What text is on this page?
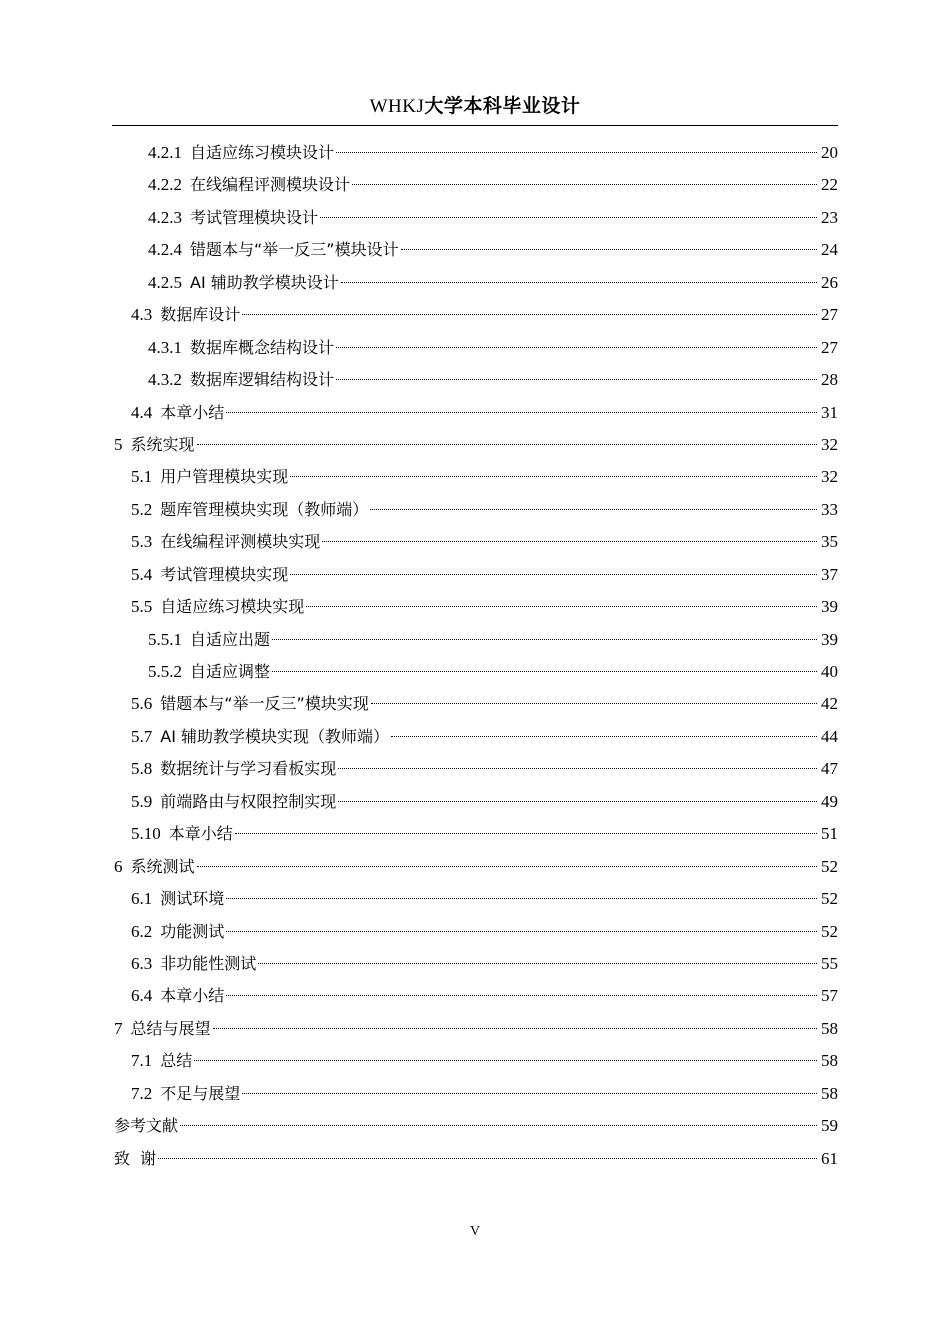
WHKJ大学本科毕业设计
4.2.1 自适应练习模块设计	20
4.2.2 在线编程评测模块设计	22
4.2.3 考试管理模块设计	23
4.2.4 错题本与“举一反三”模块设计	24
4.2.5 AI 辅助教学模块设计	26
4.3 数据库设计	27
4.3.1 数据库概念结构设计	27
4.3.2 数据库逻辑结构设计	28
4.4 本章小结	31
5 系统实现	32
5.1 用户管理模块实现	32
5.2 题库管理模块实现（教师端）	33
5.3 在线编程评测模块实现	35
5.4 考试管理模块实现	37
5.5 自适应练习模块实现	39
5.5.1 自适应出题	39
5.5.2 自适应调整	40
5.6 错题本与“举一反三”模块实现	42
5.7 AI 辅助教学模块实现（教师端）	44
5.8 数据统计与学习看板实现	47
5.9 前端路由与权限控制实现	49
5.10 本章小结	51
6 系统测试	52
6.1 测试环境	52
6.2 功能测试	52
6.3 非功能性测试	55
6.4 本章小结	57
7 总结与展望	58
7.1 总结	58
7.2 不足与展望	58
参考文献	59
致  谢	61
V
